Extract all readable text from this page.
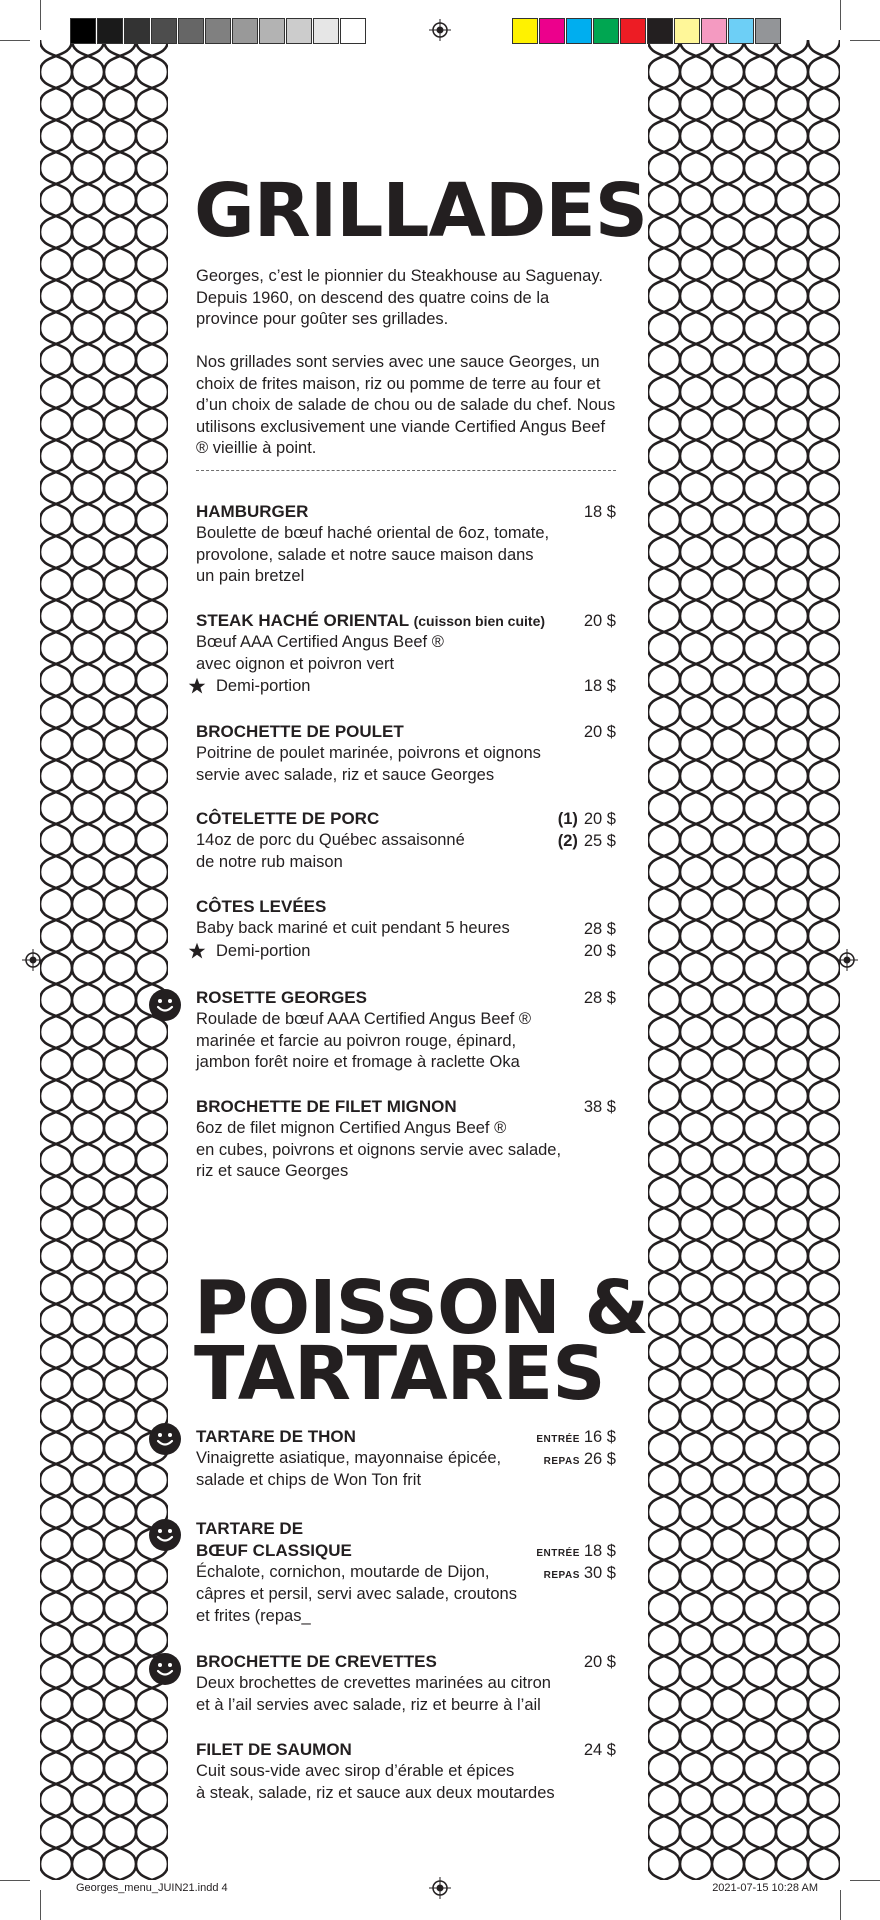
GRILLADES

Georges, c’est le pionnier du Steakhouse au Saguenay. Depuis 1960, on descend des quatre coins de la province pour goûter ses grillades.

Nos grillades sont servies avec une sauce Georges, un choix de frites maison, riz ou pomme de terre au four et d’un choix de salade de chou ou de salade du chef. Nous utilisons exclusivement une viande Certified Angus Beef ® vieillie à point.

HAMBURGER	18 $
Boulette de bœuf haché oriental de 6oz, tomate,
provolone, salade et notre sauce maison dans
un pain bretzel
STEAK HACHÉ ORIENTAL (cuisson bien cuite) 20 $
Bœuf AAA Certified Angus Beef ®
avec oignon et poivron vert
Demi-portion	18 $
BROCHETTE DE POULET	20 $
Poitrine de poulet marinée, poivrons et oignons
servie avec salade, riz et sauce Georges
CÔTELETTE DE PORC	(1) 20 $
14oz de porc du Québec assaisonné	(2) 25 $
de notre rub maison
CÔTES LEVÉES
Baby back mariné et cuit pendant 5 heures	28 $
Demi-portion	20 $
ROSETTE GEORGES	28 $
Roulade de bœuf AAA Certified Angus Beef ®
marinée et farcie au poivron rouge, épinard,
jambon forêt noire et fromage à raclette Oka
BROCHETTE DE FILET MIGNON	38 $
6oz de filet mignon Certified Angus Beef ®
en cubes, poivrons et oignons servie avec salade,
riz et sauce Georges
POISSON &
TARTARES
TARTARE DE THON	ENTRÉE 16 $
Vinaigrette asiatique, mayonnaise épicée,	REPAS 26 $
salade et chips de Won Ton frit
TARTARE DE
BŒUF CLASSIQUE	ENTRÉE 18 $
Échalote, cornichon, moutarde de Dijon,	REPAS 30 $
câpres et persil, servi avec salade, croutons
et frites (repas_
BROCHETTE DE CREVETTES	20 $
Deux brochettes de crevettes marinées au citron
et à l’ail servies avec salade, riz et beurre à l’ail
FILET DE SAUMON	24 $
Cuit sous-vide avec sirop d’érable et épices
à steak, salade, riz et sauce aux deux moutardes
Georges_menu_JUIN21.indd 4	2021-07-15 10:28 AM
